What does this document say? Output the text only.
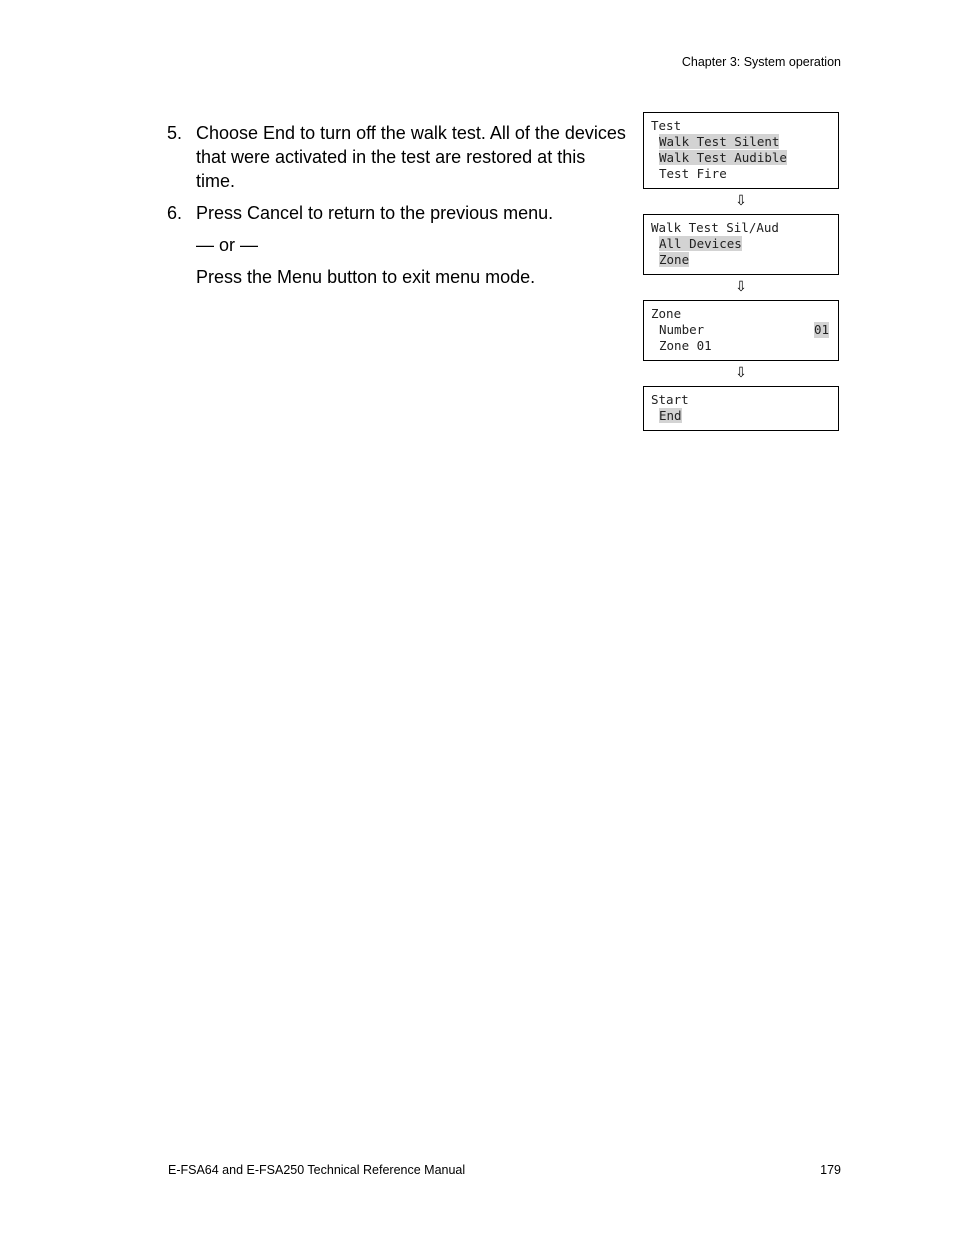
Chapter 3: System operation
5. Choose End to turn off the walk test. All of the devices that were activated in the test are restored at this time.
6. Press Cancel to return to the previous menu.
— or —
Press the Menu button to exit menu mode.
Test
Walk Test Silent
Walk Test Audible
Test Fire
⇩
Walk Test Sil/Aud
All Devices
Zone
⇩
Zone
Number	01
Zone 01
⇩
Start
End
E-FSA64 and E-FSA250 Technical Reference Manual	179
